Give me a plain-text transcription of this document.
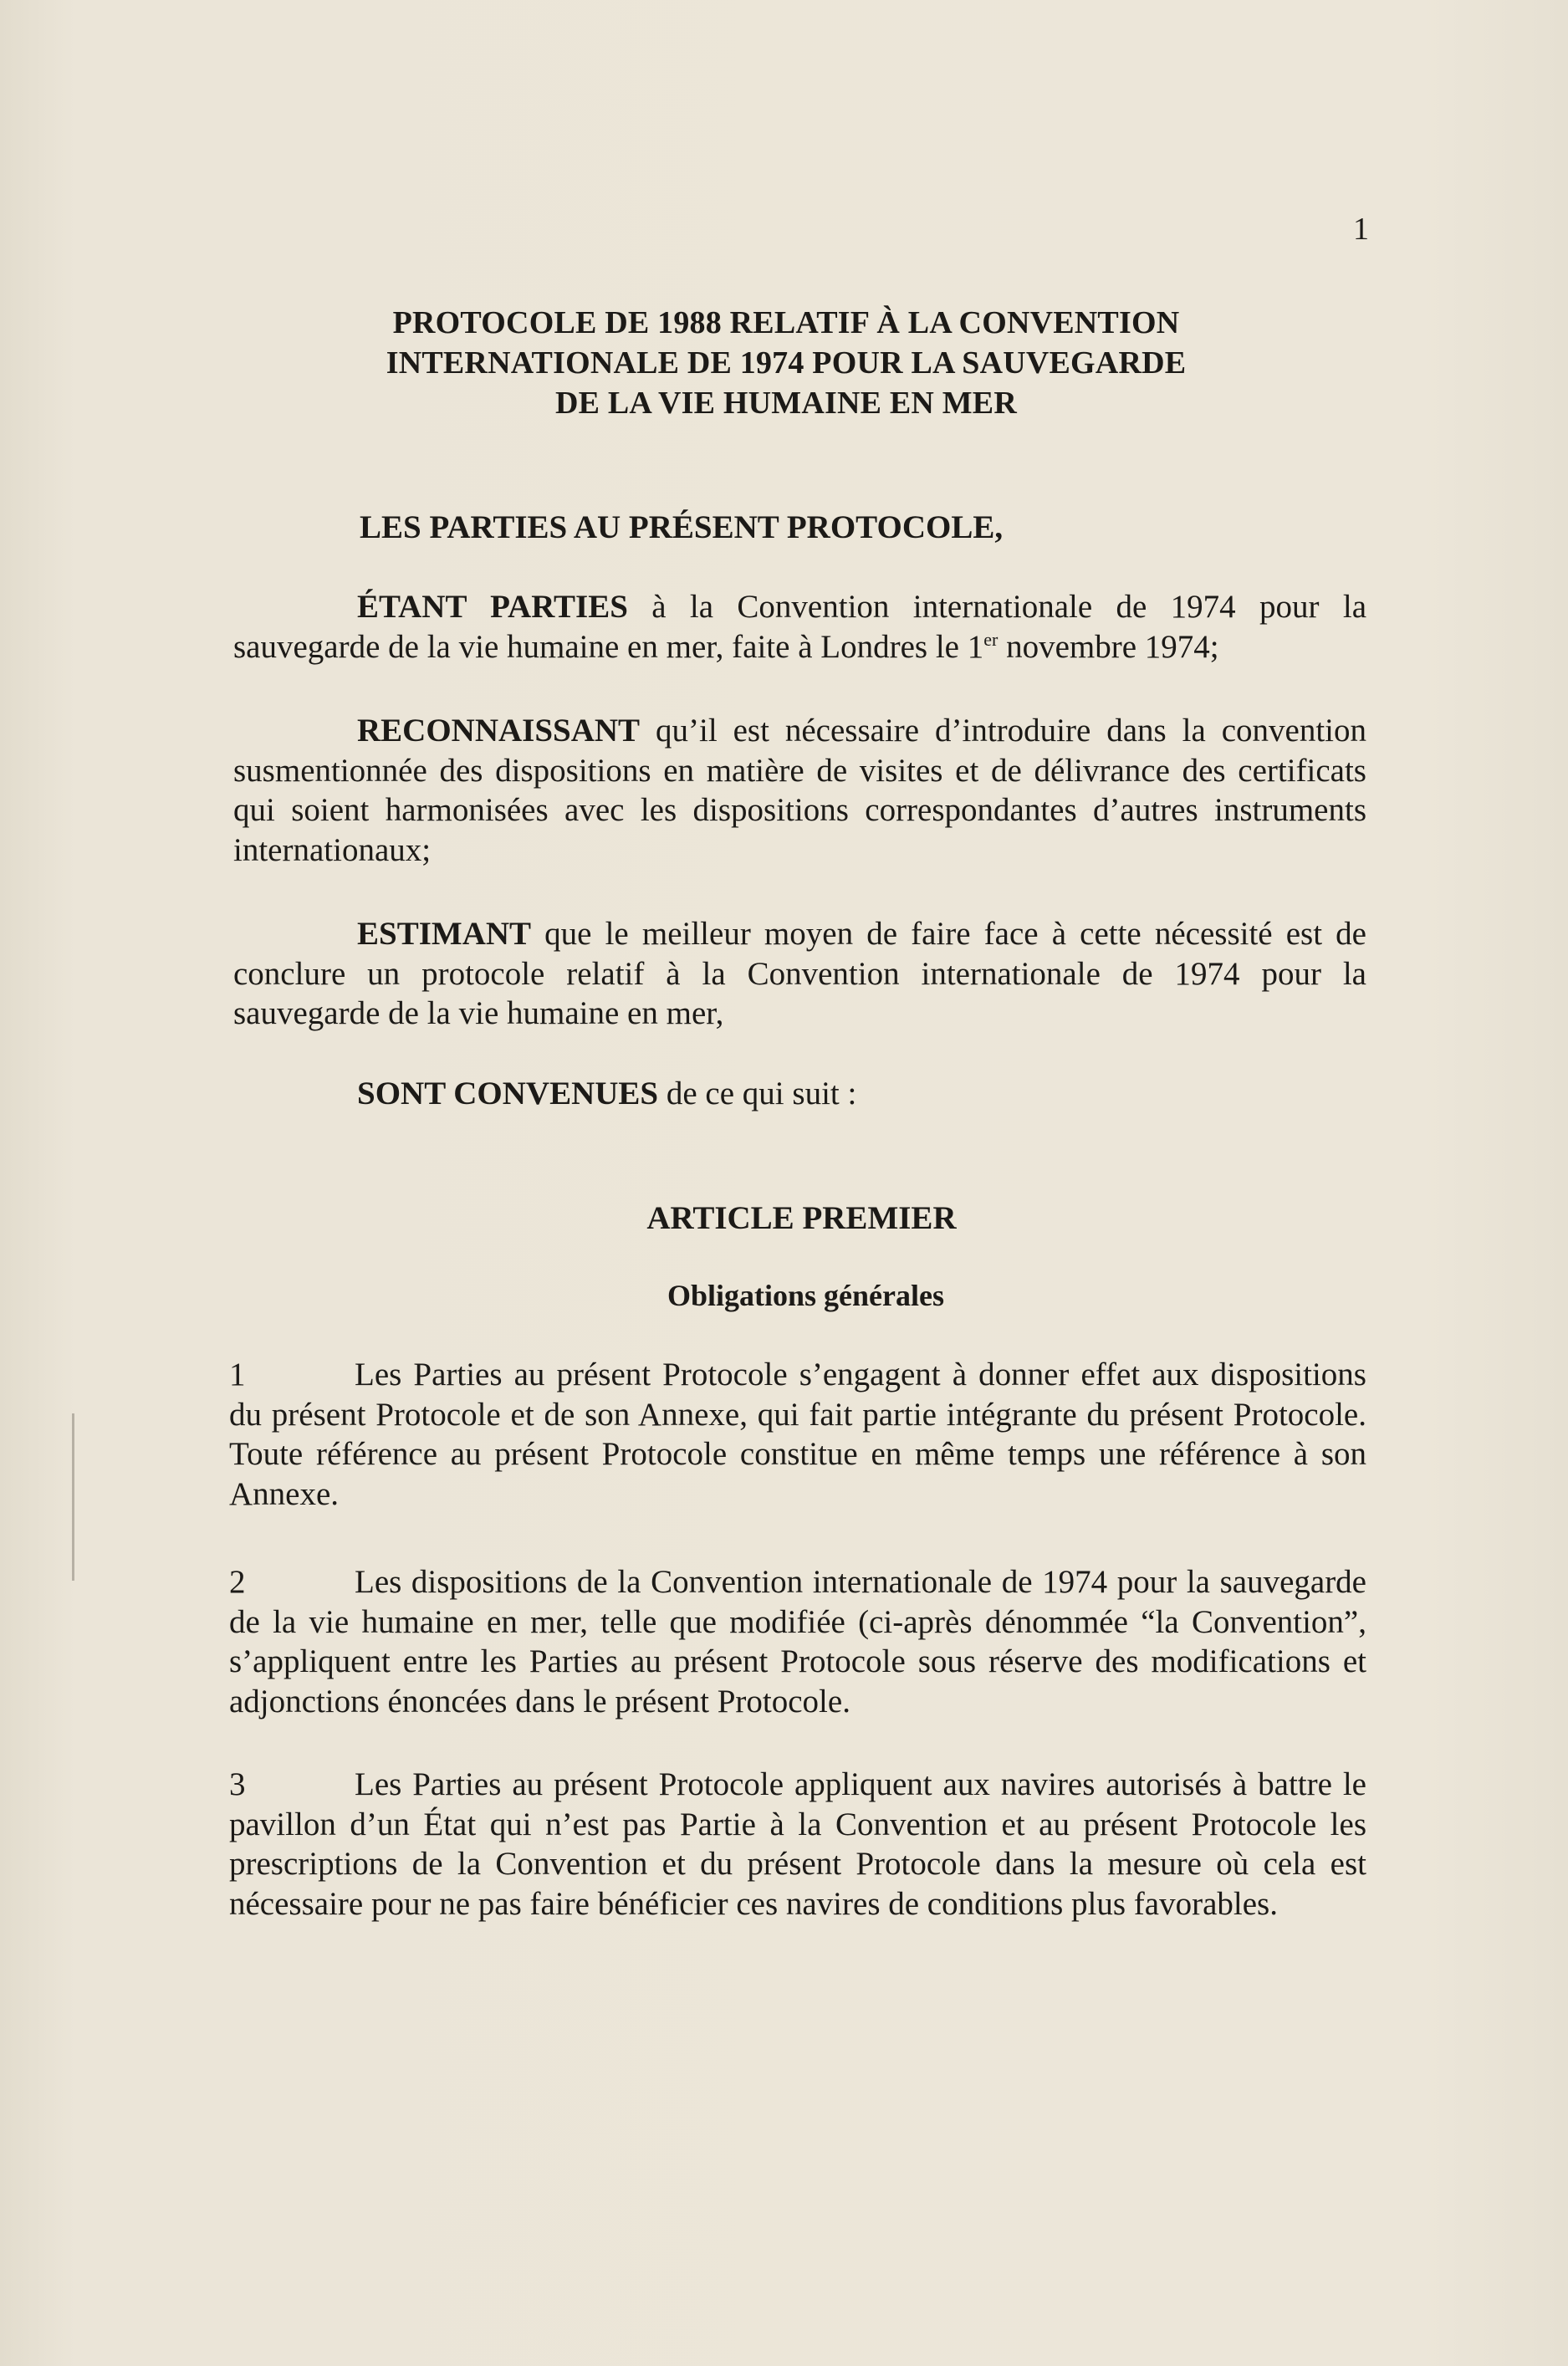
1
PROTOCOLE DE 1988 RELATIF À LA CONVENTION
INTERNATIONALE DE 1974 POUR LA SAUVEGARDE
DE LA VIE HUMAINE EN MER
LES PARTIES AU PRÉSENT PROTOCOLE,
ÉTANT PARTIES à la Convention internationale de 1974 pour la sauvegarde de la vie humaine en mer, faite à Londres le 1er novembre 1974;
RECONNAISSANT qu’il est nécessaire d’introduire dans la convention susmentionnée des dispositions en matière de visites et de délivrance des certificats qui soient harmonisées avec les dispositions correspondantes d’autres instruments internationaux;
ESTIMANT que le meilleur moyen de faire face à cette nécessité est de conclure un protocole relatif à la Convention internationale de 1974 pour la sauvegarde de la vie humaine en mer,
SONT CONVENUES de ce qui suit :
ARTICLE PREMIER
Obligations générales
1	Les Parties au présent Protocole s’engagent à donner effet aux dispositions du présent Protocole et de son Annexe, qui fait partie intégrante du présent Protocole. Toute référence au présent Protocole constitue en même temps une référence à son Annexe.
2	Les dispositions de la Convention internationale de 1974 pour la sauvegarde de la vie humaine en mer, telle que modifiée (ci-après dénommée “la Convention”, s’appliquent entre les Parties au présent Protocole sous réserve des modifications et adjonctions énoncées dans le présent Protocole.
3	Les Parties au présent Protocole appliquent aux navires autorisés à battre le pavillon d’un État qui n’est pas Partie à la Convention et au présent Protocole les prescriptions de la Convention et du présent Protocole dans la mesure où cela est nécessaire pour ne pas faire bénéficier ces navires de conditions plus favorables.
